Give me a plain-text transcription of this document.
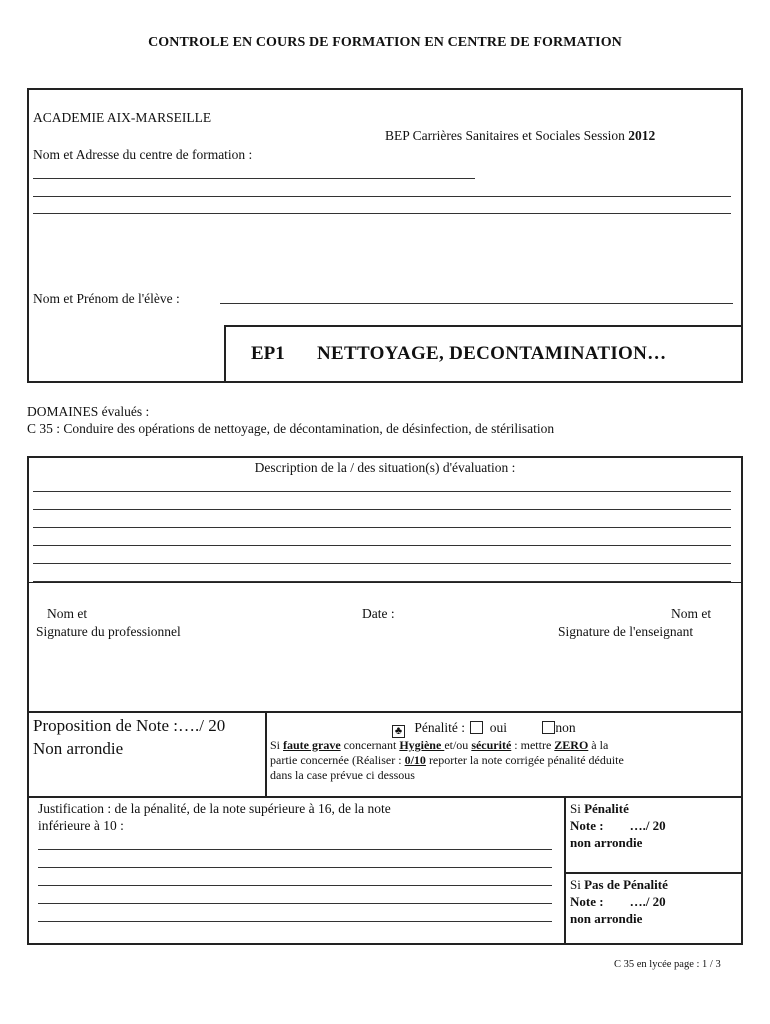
CONTROLE EN COURS DE FORMATION EN CENTRE DE FORMATION
ACADEMIE AIX-MARSEILLE
BEP Carrières Sanitaires et Sociales Session 2012
Nom et Adresse du centre de formation :
Nom et Prénom de l'élève :
EP1 NETTOYAGE, DECONTAMINATION…
DOMAINES évalués :
C 35 : Conduire des opérations de nettoyage, de décontamination, de désinfection, de stérilisation
Description de la / des situation(s) d'évaluation :
Nom et
Signature du professionnel
Date :	Nom et
Signature de l'enseignant
Proposition de Note :…./ 20
Non arrondie
♣ Pénalité : oui	non
Si faute grave concernant Hygiène et/ou sécurité : mettre ZERO à la
partie concernée (Réaliser : 0/10 reporter la note corrigée pénalité déduite
dans la case prévue ci dessous
Justification : de la pénalité, de la note supérieure à 16, de la note
inférieure à 10 :
Si Pénalité
Note :        …./ 20
non arrondie
Si Pas de Pénalité
Note :        …./ 20
non arrondie
C 35 en lycée page : 1 / 3
